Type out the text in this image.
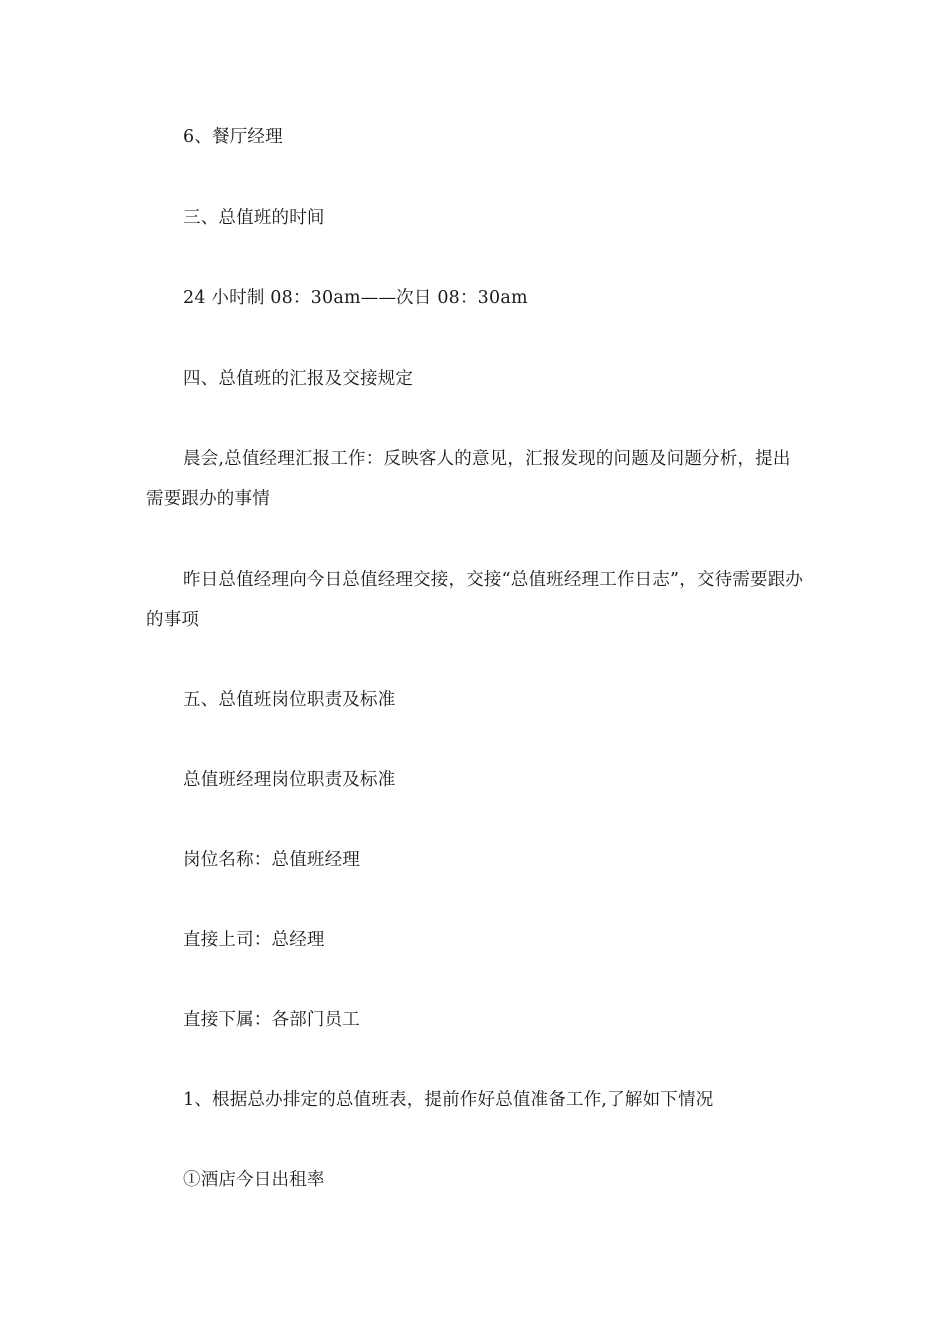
6、餐厅经理

三、总值班的时间

24 小时制 08：30am——次日 08：30am

四、总值班的汇报及交接规定

晨会,总值经理汇报工作：反映客人的意见，汇报发现的问题及问题分析，提出需要跟办的事情

昨日总值经理向今日总值经理交接，交接“总值班经理工作日志”，交待需要跟办的事项

五、总值班岗位职责及标准

总值班经理岗位职责及标准

岗位名称：总值班经理

直接上司：总经理

直接下属：各部门员工

1、根据总办排定的总值班表，提前作好总值准备工作,了解如下情况

①酒店今日出租率
